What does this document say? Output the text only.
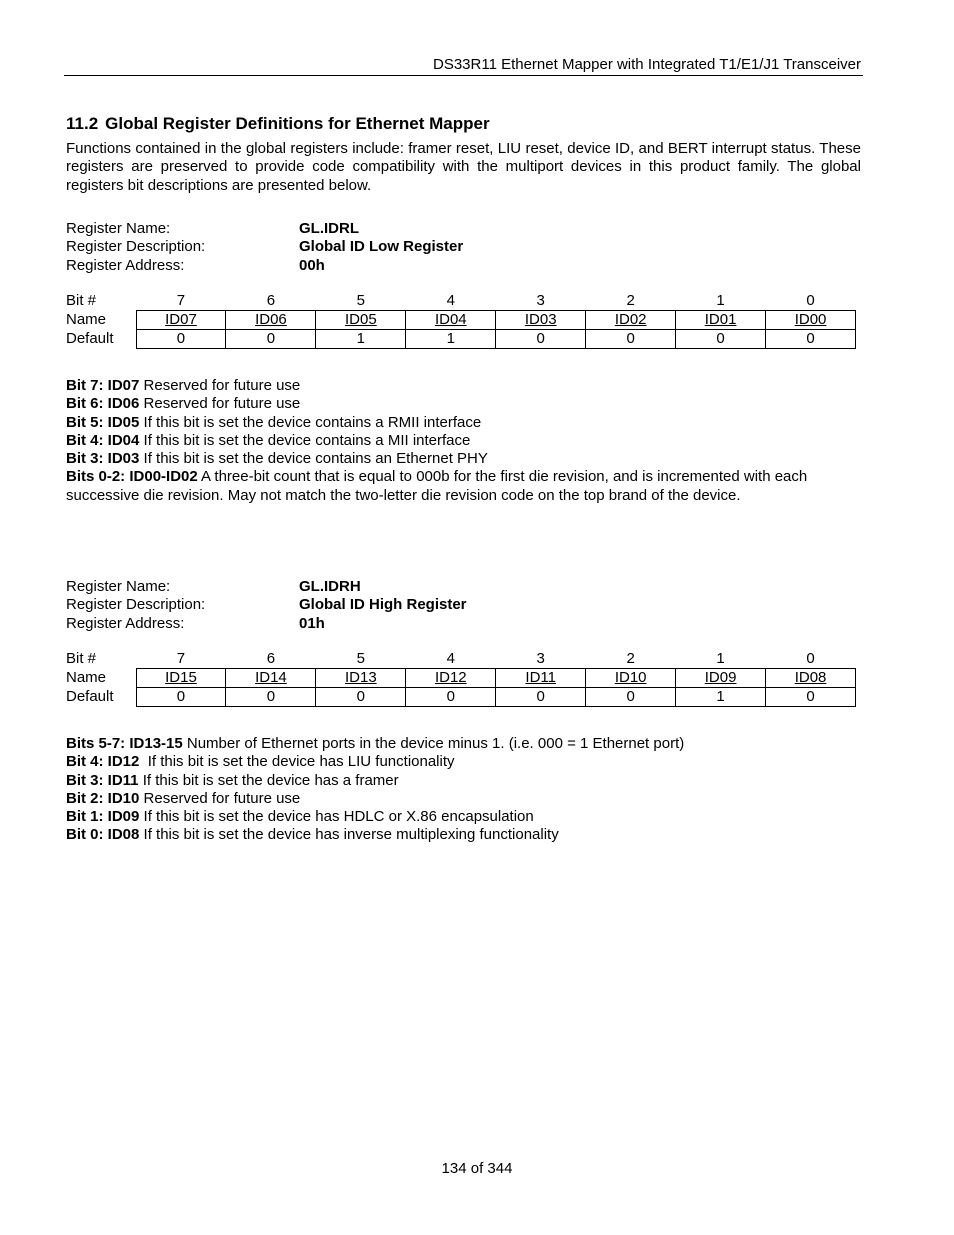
DS33R11 Ethernet Mapper with Integrated T1/E1/J1 Transceiver
11.2 Global Register Definitions for Ethernet Mapper
Functions contained in the global registers include: framer reset, LIU reset, device ID, and BERT interrupt status. These registers are preserved to provide code compatibility with the multiport devices in this product family. The global registers bit descriptions are presented below.
Register Name:	GL.IDRL
Register Description:	Global ID Low Register
Register Address:	00h
Bit #	7	6	5	4	3	2	1	0
Name	ID07	ID06	ID05	ID04	ID03	ID02	ID01	ID00
Default	0	0	1	1	0	0	0	0
Bit 7: ID07 Reserved for future use
Bit 6: ID06 Reserved for future use
Bit 5: ID05 If this bit is set the device contains a RMII interface
Bit 4: ID04 If this bit is set the device contains a MII interface
Bit 3: ID03 If this bit is set the device contains an Ethernet PHY
Bits 0-2: ID00-ID02 A three-bit count that is equal to 000b for the first die revision, and is incremented with each successive die revision. May not match the two-letter die revision code on the top brand of the device.
Register Name:	GL.IDRH
Register Description:	Global ID High Register
Register Address:	01h
Bit #	7	6	5	4	3	2	1	0
Name	ID15	ID14	ID13	ID12	ID11	ID10	ID09	ID08
Default	0	0	0	0	0	0	1	0
Bits 5-7: ID13-15 Number of Ethernet ports in the device minus 1. (i.e. 000 = 1 Ethernet port)
Bit 4: ID12  If this bit is set the device has LIU functionality
Bit 3: ID11 If this bit is set the device has a framer
Bit 2: ID10 Reserved for future use
Bit 1: ID09 If this bit is set the device has HDLC or X.86 encapsulation
Bit 0: ID08 If this bit is set the device has inverse multiplexing functionality
134 of 344
